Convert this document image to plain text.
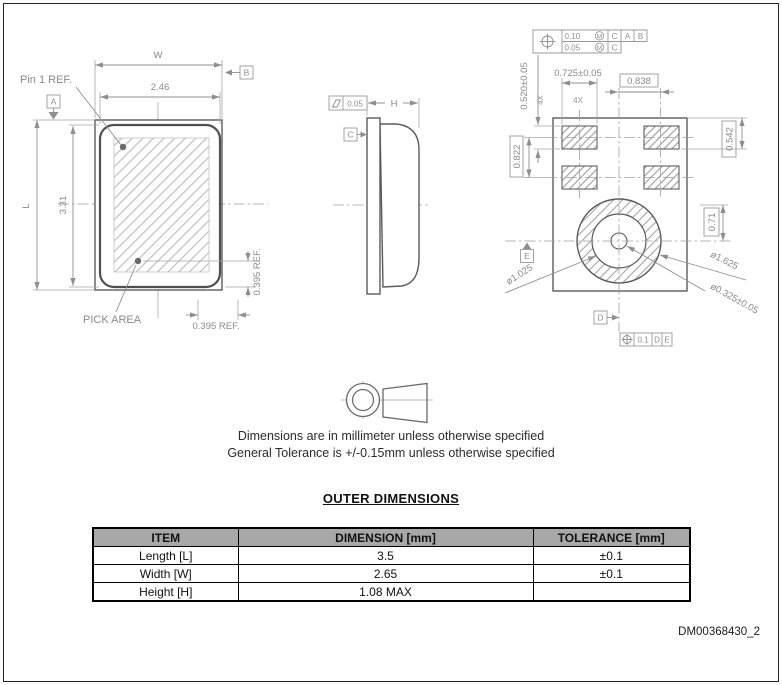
W
2.46
L	3.31
0.395 REF.
0.395 REF.
Pin 1 REF.
PICK AREA
A
B
H
0.05
C
0.10	M C A B
0.05	M C
0.520±0.05 4X
0.725±0.05
4X
0.838
0.822
0.542
0.71
ø1.025
ø1.625
ø0.325±0.05
E
D
0.1 D E
Dimensions are in millimeter unless otherwise specified
General Tolerance is +/-0.15mm unless otherwise specified
OUTER DIMENSIONS
ITEM	DIMENSION [mm]	TOLERANCE [mm]
Length [L]	3.5	±0.1
Width [W]	2.65	±0.1
Height [H]	1.08 MAX	
DM00368430_2
